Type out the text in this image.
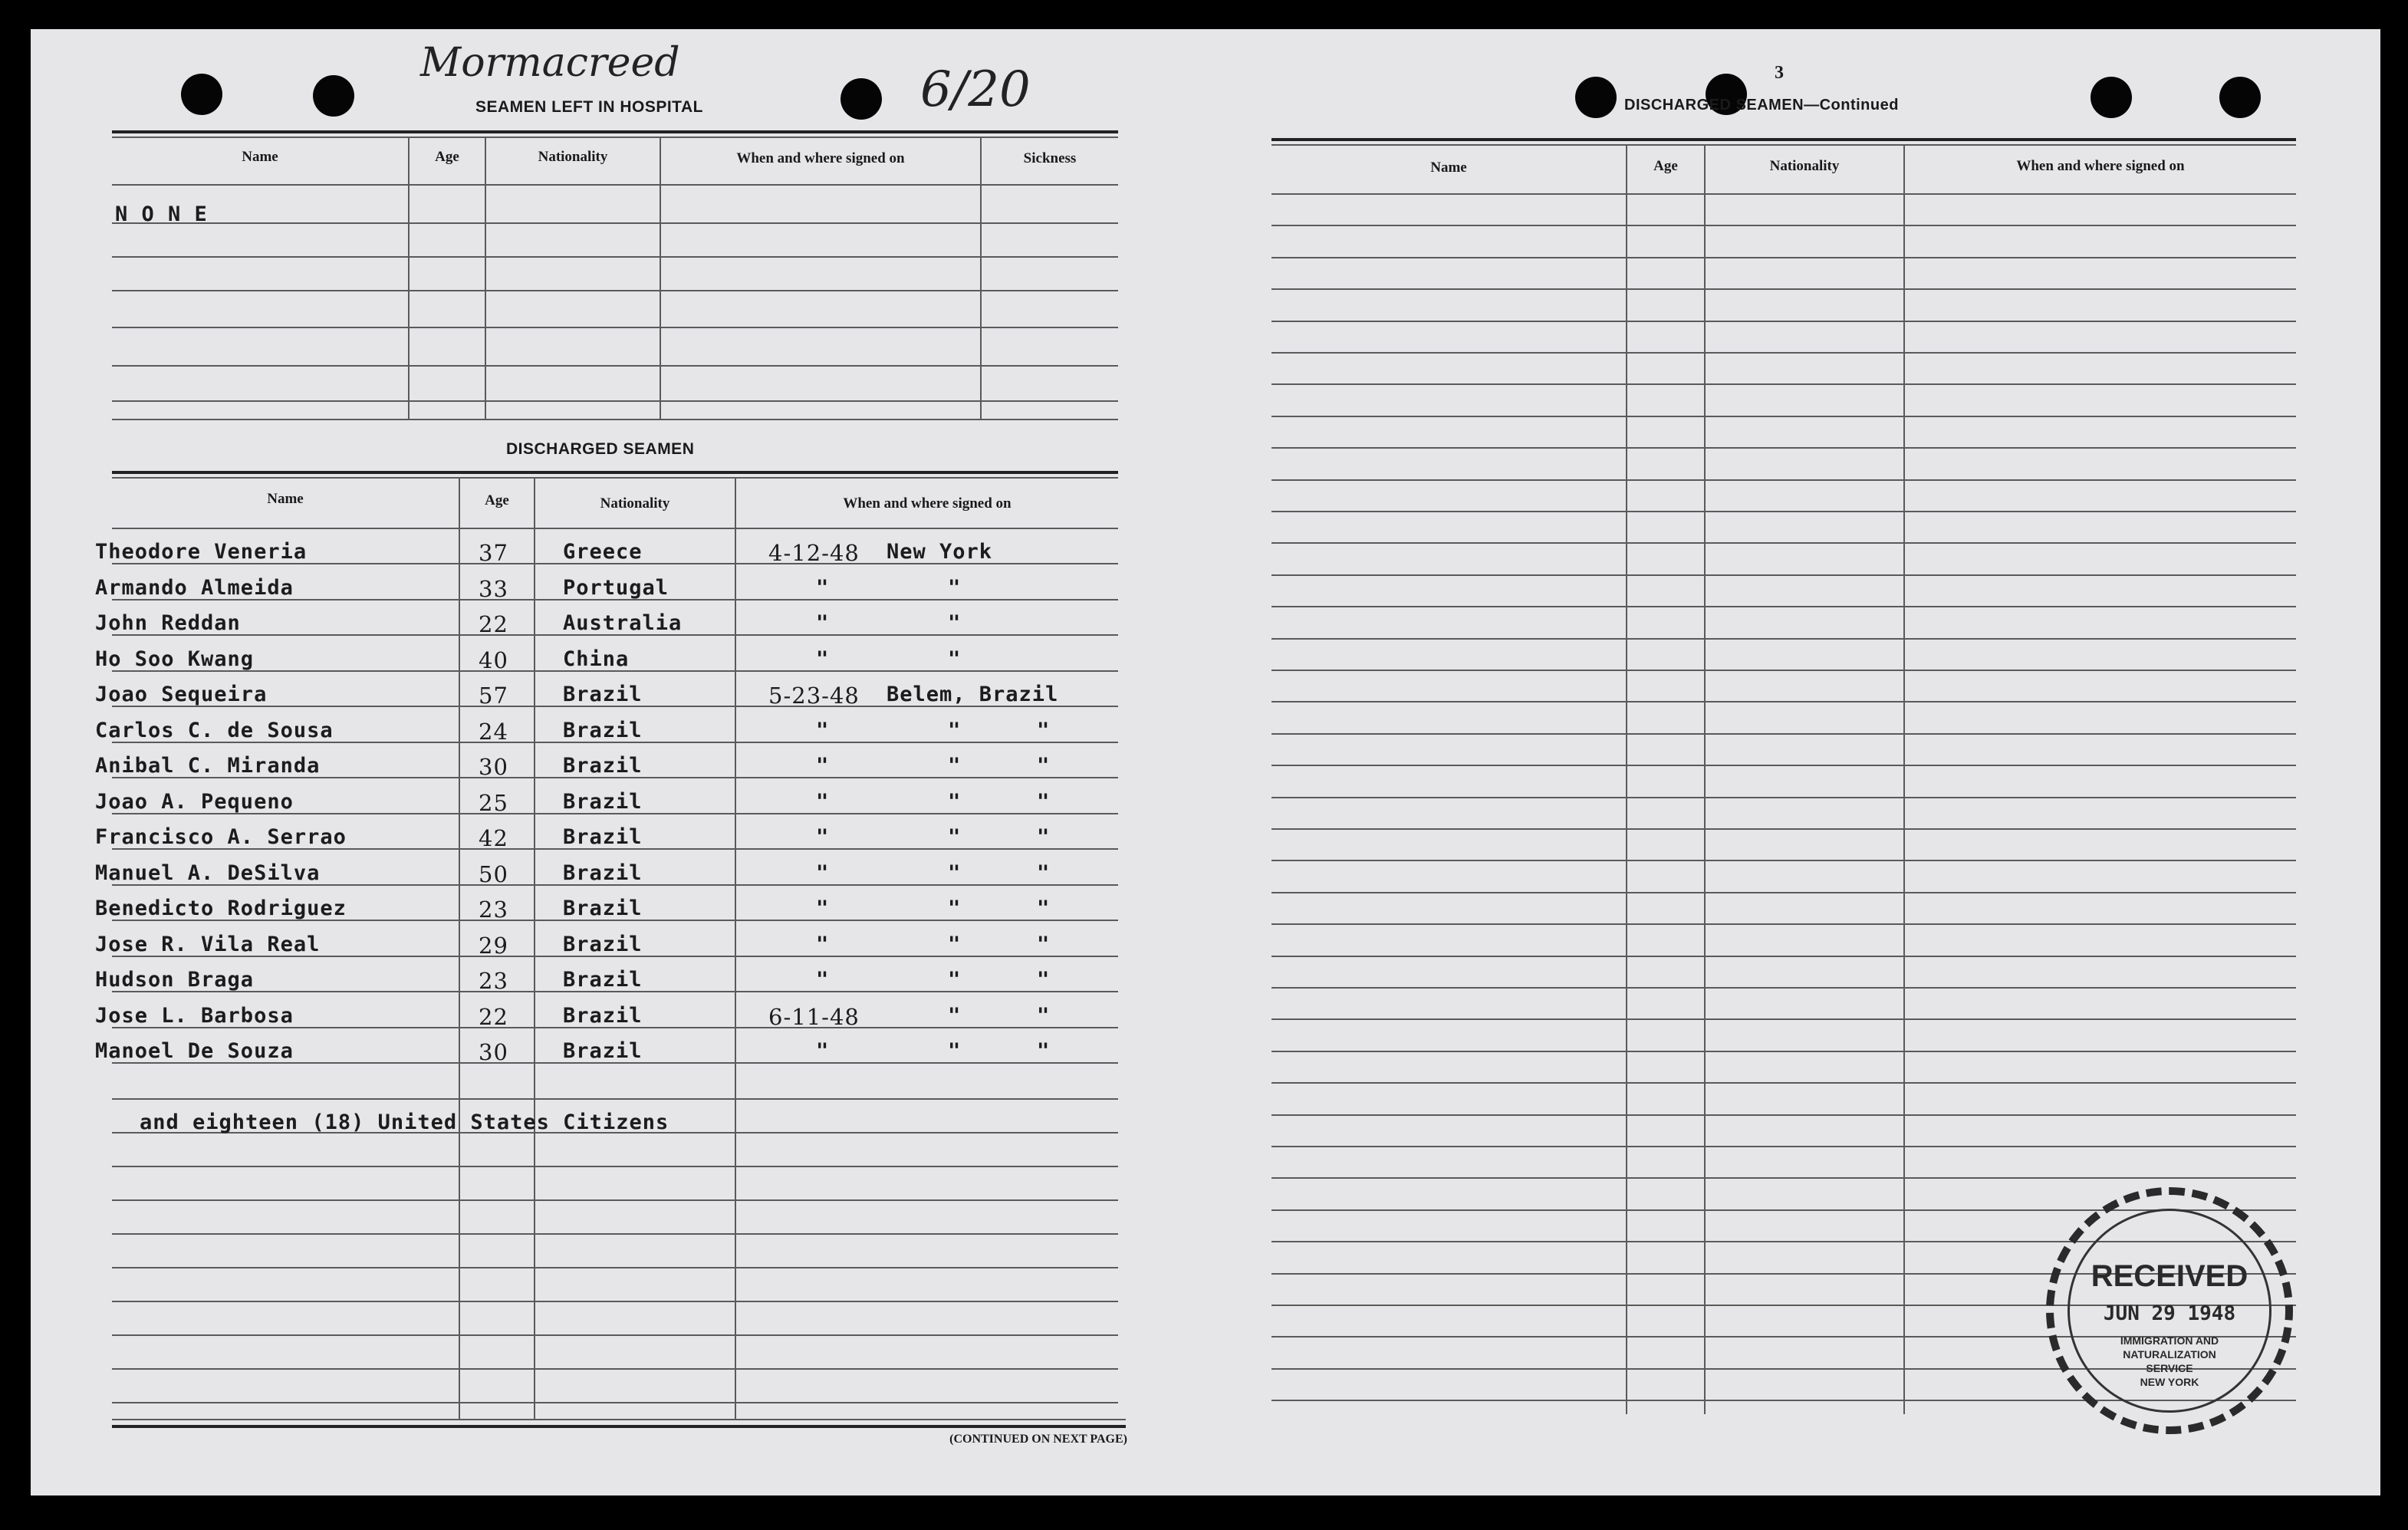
Mormacreed	6/20
SEAMEN LEFT IN HOSPITAL
Name	Age	Nationality	When and where signed on	Sickness
N O N E
DISCHARGED SEAMEN
Name	Age	Nationality	When and where signed on
Theodore Veneria	37	Greece	4-12-48 New York
Armando Almeida	33	Portugal	"	"
John Reddan	22	Australia	"	"
Ho Soo Kwang	40	China	"	"
Joao Sequeira	57	Brazil	5-23-48 Belem, Brazil
Carlos C. de Sousa	24	Brazil	"	"	"
Anibal C. Miranda	30	Brazil	"	"	"
Joao A. Pequeno	25	Brazil	"	"	"
Francisco A. Serrao	42	Brazil	"	"	"
Manuel A. DeSilva	50	Brazil	"	"	"
Benedicto Rodriguez	23	Brazil	"	"	"
Jose R. Vila Real	29	Brazil	"	"	"
Hudson Braga	23	Brazil	"	"	"
Jose L. Barbosa	22	Brazil	6-11-48	"	"
Manoel De Souza	30	Brazil	"	"	"
and eighteen (18) United States Citizens
(CONTINUED ON NEXT PAGE)
3
DISCHARGED SEAMEN—Continued
Name	Age	Nationality	When and where signed on
RECEIVED
JUN 29 1948
IMMIGRATION AND
NATURALIZATION
SERVICE
NEW YORK
